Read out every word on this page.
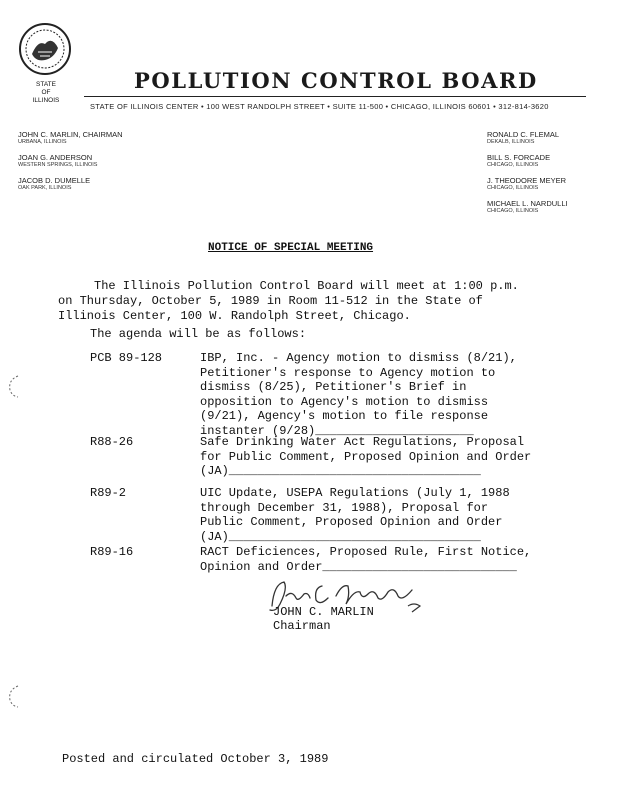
STATE
OF
ILLINOIS
POLLUTION CONTROL BOARD
STATE OF ILLINOIS CENTER • 100 WEST RANDOLPH STREET • SUITE 11-500 • CHICAGO, ILLINOIS 60601 • 312-814-3620
JOHN C. MARLIN, CHAIRMAN
URBANA, ILLINOIS
JOAN G. ANDERSON
WESTERN SPRINGS, ILLINOIS
JACOB D. DUMELLE
OAK PARK, ILLINOIS
RONALD C. FLEMAL
DEKALB, ILLINOIS
BILL S. FORCADE
CHICAGO, ILLINOIS
J. THEODORE MEYER
CHICAGO, ILLINOIS
MICHAEL L. NARDULLI
CHICAGO, ILLINOIS
NOTICE OF SPECIAL MEETING
The Illinois Pollution Control Board will meet at 1:00 p.m.
on Thursday, October 5, 1989 in Room 11-512 in the State of
Illinois Center, 100 W. Randolph Street, Chicago.
The agenda will be as follows:
PCB 89-128	IBP, Inc. - Agency motion to dismiss (8/21),
Petitioner's response to Agency motion to
dismiss (8/25), Petitioner's Brief in
opposition to Agency's motion to dismiss
(9/21), Agency's motion to file response
instanter (9/28)______________________
R88-26	Safe Drinking Water Act Regulations, Proposal
for Public Comment, Proposed Opinion and Order
(JA)___________________________________
R89-2	UIC Update, USEPA Regulations (July 1, 1988
through December 31, 1988), Proposal for
Public Comment, Proposed Opinion and Order
(JA)___________________________________
R89-16	RACT Deficiences, Proposed Rule, First Notice,
Opinion and Order___________________________
JOHN C. MARLIN
Chairman
Posted and circulated October 3, 1989
